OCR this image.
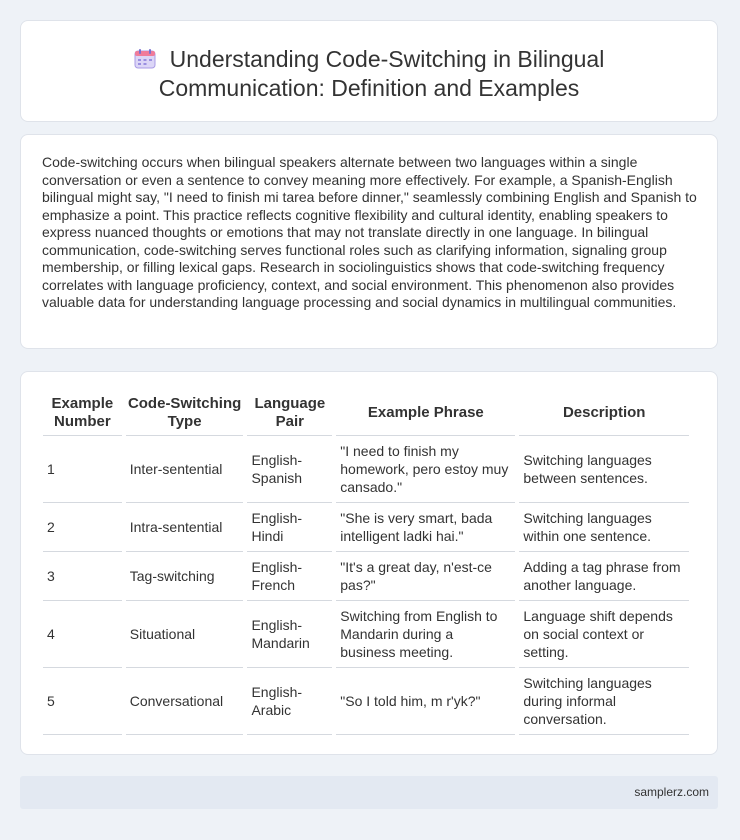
Understanding Code-Switching in Bilingual
Communication: Definition and Examples

Code-switching occurs when bilingual speakers alternate between two languages within a single conversation or even a sentence to convey meaning more effectively. For example, a Spanish-English bilingual might say, "I need to finish mi tarea before dinner," seamlessly combining English and Spanish to emphasize a point. This practice reflects cognitive flexibility and cultural identity, enabling speakers to express nuanced thoughts or emotions that may not translate directly in one language. In bilingual communication, code-switching serves functional roles such as clarifying information, signaling group membership, or filling lexical gaps. Research in sociolinguistics shows that code-switching frequency correlates with language proficiency, context, and social environment. This phenomenon also provides valuable data for understanding language processing and social dynamics in multilingual communities.

Example Number	Code-Switching Type	Language Pair	Example Phrase	Description
1	Inter-sentential	English-Spanish	"I need to finish my homework, pero estoy muy cansado."	Switching languages between sentences.
2	Intra-sentential	English-Hindi	"She is very smart, bada intelligent ladki hai."	Switching languages within one sentence.
3	Tag-switching	English-French	"It's a great day, n'est-ce pas?"	Adding a tag phrase from another language.
4	Situational	English-Mandarin	Switching from English to Mandarin during a business meeting.	Language shift depends on social context or setting.
5	Conversational	English-Arabic	"So I told him, m r'yk?"	Switching languages during informal conversation.
samplerz.com
